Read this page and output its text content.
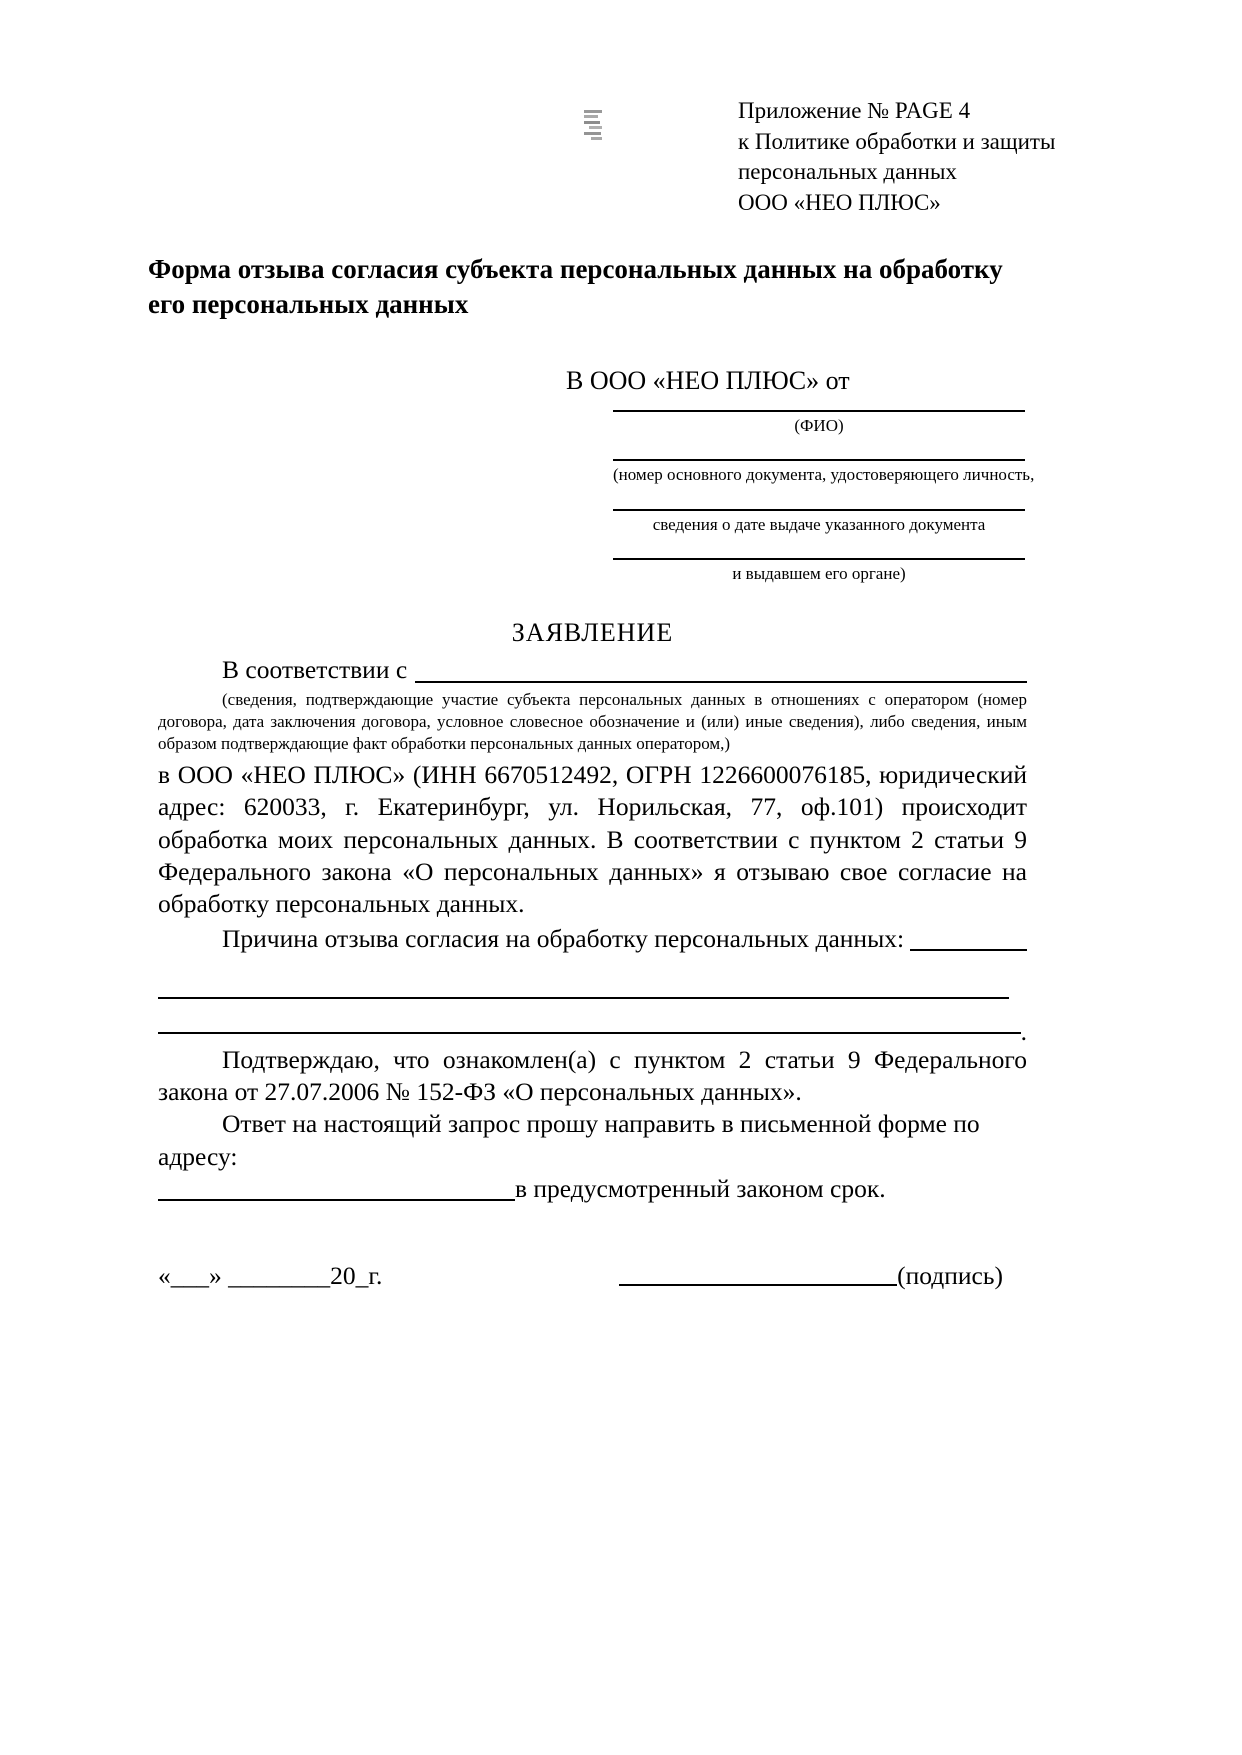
Приложение № PAGE 4
к Политике обработки и защиты
персональных данных
ООО «НЕО ПЛЮС»
Форма отзыва согласия субъекта персональных данных на обработку его персональных данных
В ООО «НЕО ПЛЮС» от
(ФИО)
(номер основного документа, удостоверяющего личность,
сведения о дате выдаче указанного документа
и выдавшем его органе)
ЗАЯВЛЕНИЕ
В соответствии с

(сведения, подтверждающие участие субъекта персональных данных в отношениях с оператором (номер договора, дата заключения договора, условное словесное обозначение и (или) иные сведения), либо сведения, иным образом подтверждающие факт обработки персональных данных оператором,)

в ООО «НЕО ПЛЮС» (ИНН 6670512492, ОГРН 1226600076185, юридический адрес: 620033, г. Екатеринбург, ул. Норильская, 77, оф.101) происходит обработка моих персональных данных. В соответствии с пунктом 2 статьи 9 Федерального закона «О персональных данных» я отзываю свое согласие на обработку персональных данных.

Причина отзыва согласия на обработку персональных данных:
.

Подтверждаю, что ознакомлен(а) с пунктом 2 статьи 9 Федерального закона от 27.07.2006 № 152-ФЗ «О персональных данных».

Ответ на настоящий запрос прошу направить в письменной форме по адресу:

в предусмотренный законом срок.
«___» ________20_г.	(подпись)
